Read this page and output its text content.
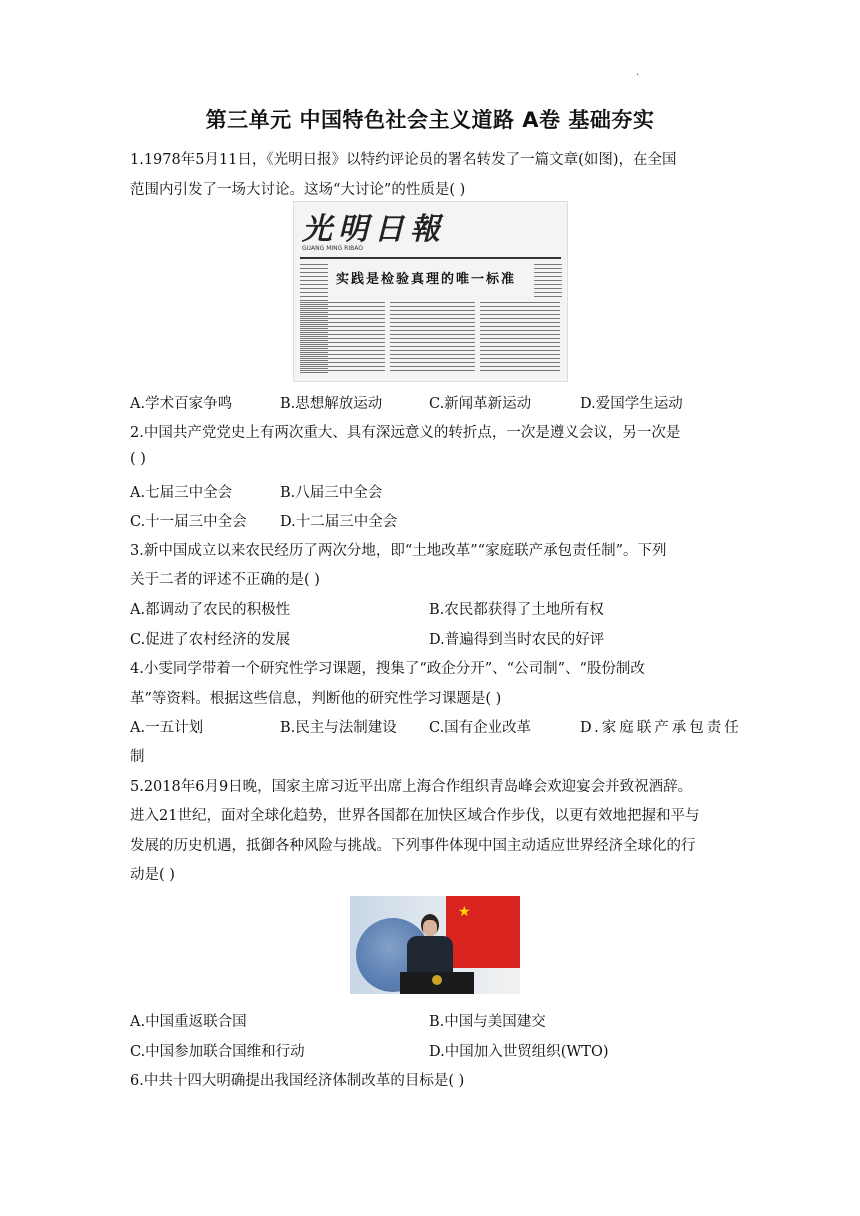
·
第三单元 中国特色社会主义道路 A卷 基础夯实
1.1978年5月11日，《光明日报》以特约评论员的署名转发了一篇文章(如图)，在全国
范围内引发了一场大讨论。这场“大讨论”的性质是( )
光明日報
GUANG MING RIBAO
实践是检验真理的唯一标准
A.学术百家争鸣	B.思想解放运动	C.新闻革新运动	D.爱国学生运动
2.中国共产党党史上有两次重大、具有深远意义的转折点，一次是遵义会议，另一次是
( )
A.七届三中全会	B.八届三中全会
C.十一届三中全会 D.十二届三中全会
3.新中国成立以来农民经历了两次分地，即“土地改革”“家庭联产承包责任制”。下列
关于二者的评述不正确的是( )
A.都调动了农民的积极性	B.农民都获得了土地所有权
C.促进了农村经济的发展	D.普遍得到当时农民的好评
4.小雯同学带着一个研究性学习课题，搜集了“政企分开”、“公司制”、“股份制改
革”等资料。根据这些信息，判断他的研究性学习课题是( )
A.一五计划	B.民主与法制建设 C.国有企业改革	D.家庭联产承包责任
制
5.2018年6月9日晚，国家主席习近平出席上海合作组织青岛峰会欢迎宴会并致祝酒辞。
进入21世纪，面对全球化趋势，世界各国都在加快区域合作步伐，以更有效地把握和平与
发展的历史机遇，抵御各种风险与挑战。下列事件体现中国主动适应世界经济全球化的行
动是( )
★
A.中国重返联合国	B.中国与美国建交
C.中国参加联合国维和行动	D.中国加入世贸组织(WTO)
6.中共十四大明确提出我国经济体制改革的目标是( )
